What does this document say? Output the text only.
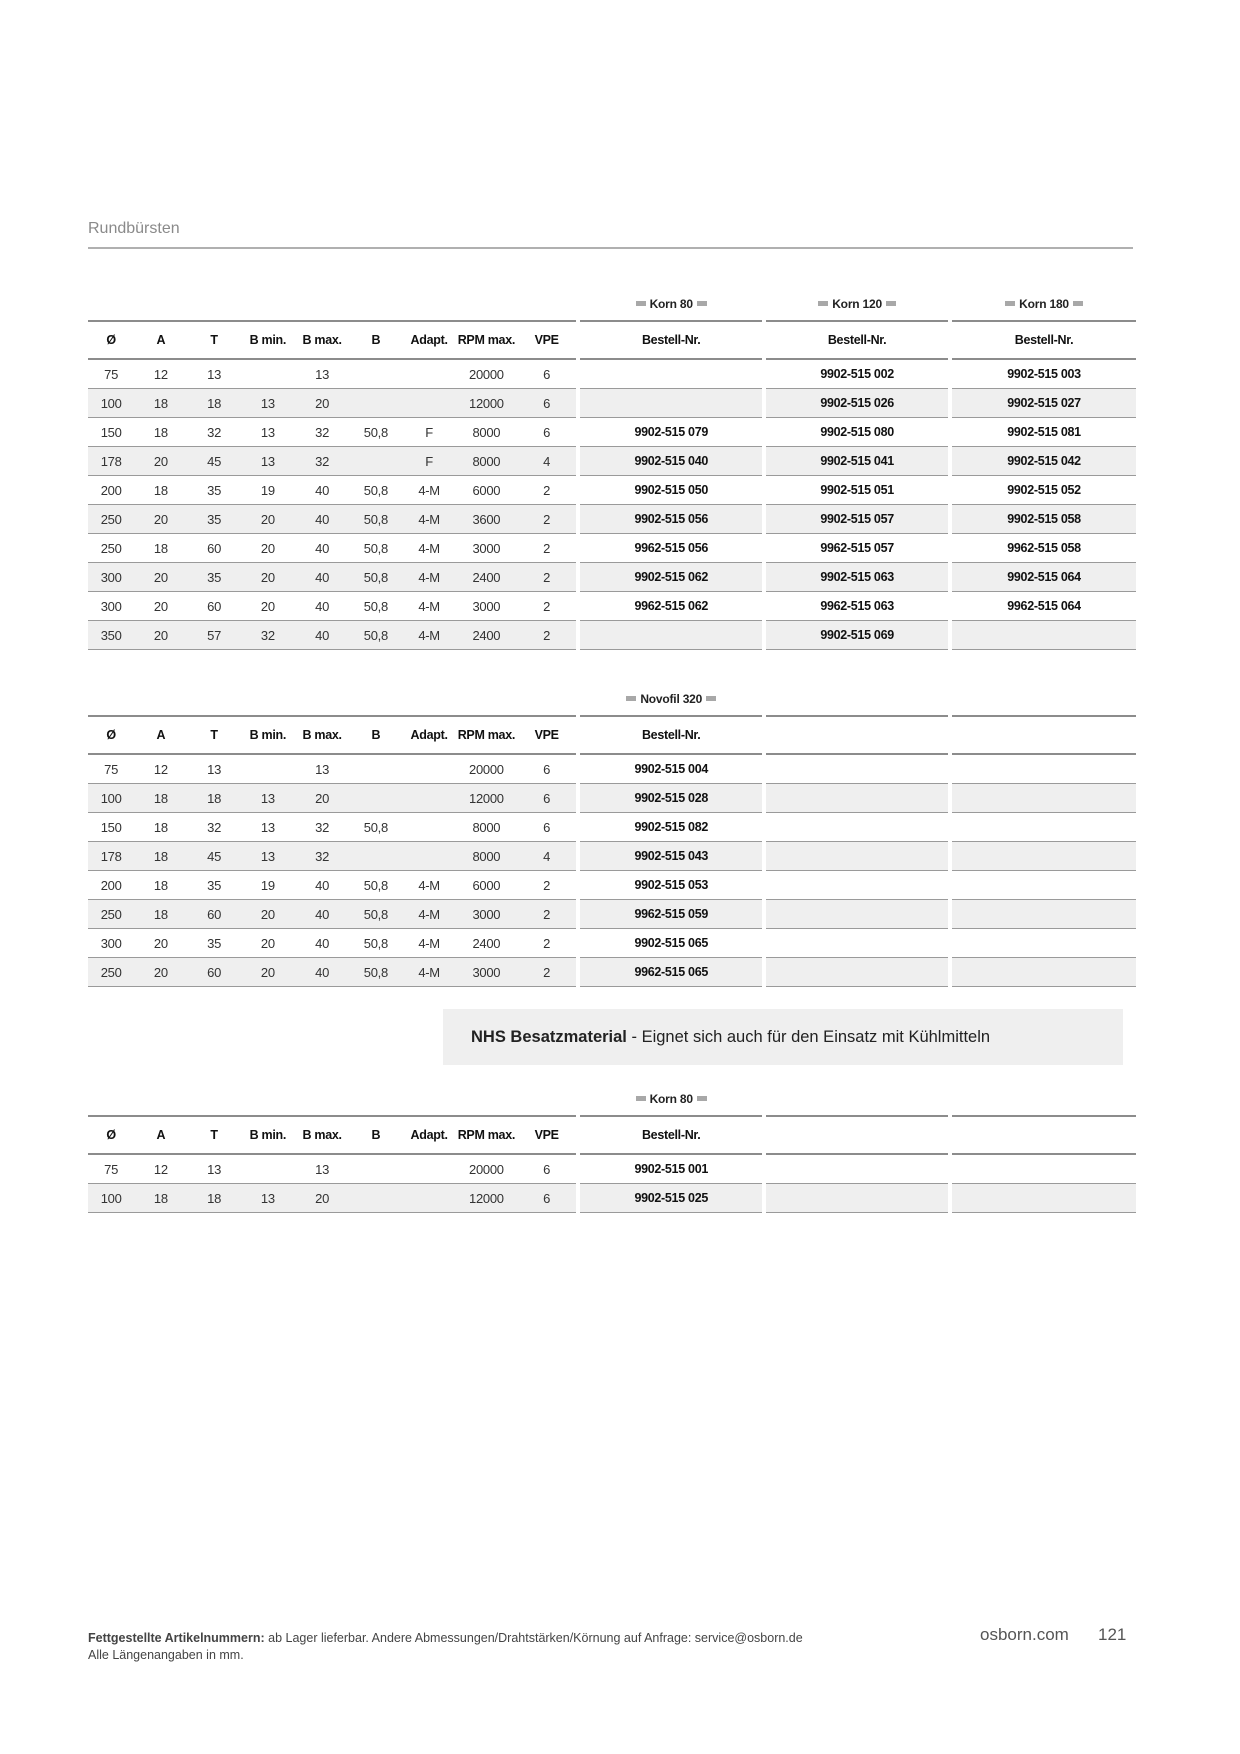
Rundbürsten
										Korn 80		Korn 120		Korn 180
Ø	A	T	B min.	B max.	B	Adapt.	RPM max.	VPE		Bestell-Nr.		Bestell-Nr.		Bestell-Nr.
75	12	13		13			20000	6				9902-515 002		9902-515 003
100	18	18	13	20			12000	6				9902-515 026		9902-515 027
150	18	32	13	32	50,8	F	8000	6		9902-515 079		9902-515 080		9902-515 081
178	20	45	13	32		F	8000	4		9902-515 040		9902-515 041		9902-515 042
200	18	35	19	40	50,8	4-M	6000	2		9902-515 050		9902-515 051		9902-515 052
250	20	35	20	40	50,8	4-M	3600	2		9902-515 056		9902-515 057		9902-515 058
250	18	60	20	40	50,8	4-M	3000	2		9962-515 056		9962-515 057		9962-515 058
300	20	35	20	40	50,8	4-M	2400	2		9902-515 062		9902-515 063		9902-515 064
300	20	60	20	40	50,8	4-M	3000	2		9962-515 062		9962-515 063		9962-515 064
350	20	57	32	40	50,8	4-M	2400	2				9902-515 069		
										Novofil 320				
Ø	A	T	B min.	B max.	B	Adapt.	RPM max.	VPE		Bestell-Nr.				
75	12	13		13			20000	6		9902-515 004				
100	18	18	13	20			12000	6		9902-515 028				
150	18	32	13	32	50,8		8000	6		9902-515 082				
178	18	45	13	32			8000	4		9902-515 043				
200	18	35	19	40	50,8	4-M	6000	2		9902-515 053				
250	18	60	20	40	50,8	4-M	3000	2		9962-515 059				
300	20	35	20	40	50,8	4-M	2400	2		9902-515 065				
250	20	60	20	40	50,8	4-M	3000	2		9962-515 065				
NHS Besatzmaterial - Eignet sich auch für den Einsatz mit Kühlmitteln
										Korn 80				
Ø	A	T	B min.	B max.	B	Adapt.	RPM max.	VPE		Bestell-Nr.				
75	12	13		13			20000	6		9902-515 001				
100	18	18	13	20			12000	6		9902-515 025				
Fettgestellte Artikelnummern: ab Lager lieferbar. Andere Abmessungen/Drahtstärken/Körnung auf Anfrage: service@osborn.de
Alle Längenangaben in mm.
osborn.com 121
